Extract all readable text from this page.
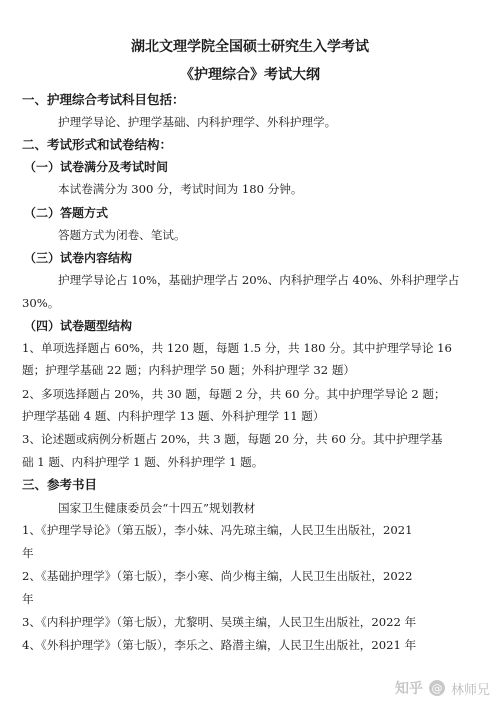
湖北文理学院全国硕士研究生入学考试
《护理综合》考试大纲
一、护理综合考试科目包括：
护理学导论、护理学基础、内科护理学、外科护理学。
二、考试形式和试卷结构：
（一）试卷满分及考试时间
本试卷满分为 300 分，考试时间为 180 分钟。
（二）答题方式
答题方式为闭卷、笔试。
（三）试卷内容结构
护理学导论占 10%，基础护理学占 20%、内科护理学占 40%、外科护理学占
30%。
（四）试卷题型结构
1、单项选择题占 60%，共 120 题，每题 1.5 分，共 180 分。其中护理学导论 16
题；护理学基础 22 题；内科护理学 50 题；外科护理学 32 题）
2、多项选择题占 20%，共 30 题，每题 2 分，共 60 分。其中护理学导论 2 题；
护理学基础 4 题、内科护理学 13 题、外科护理学 11 题）
3、论述题或病例分析题占 20%，共 3 题，每题 20 分，共 60 分。其中护理学基
础 1 题、内科护理学 1 题、外科护理学 1 题。
三、参考书目
国家卫生健康委员会“十四五”规划教材
1、《护理学导论》（第五版），李小妹、冯先琼主编，人民卫生出版社，2021
年
2、《基础护理学》（第七版），李小寒、尚少梅主编，人民卫生出版社，2022
年
3、《内科护理学》（第七版），尤黎明、吴瑛主编，人民卫生出版社，2022 年
4、《外科护理学》（第七版），李乐之、路潜主编，人民卫生出版社，2021 年
知乎 @ 林师兄
